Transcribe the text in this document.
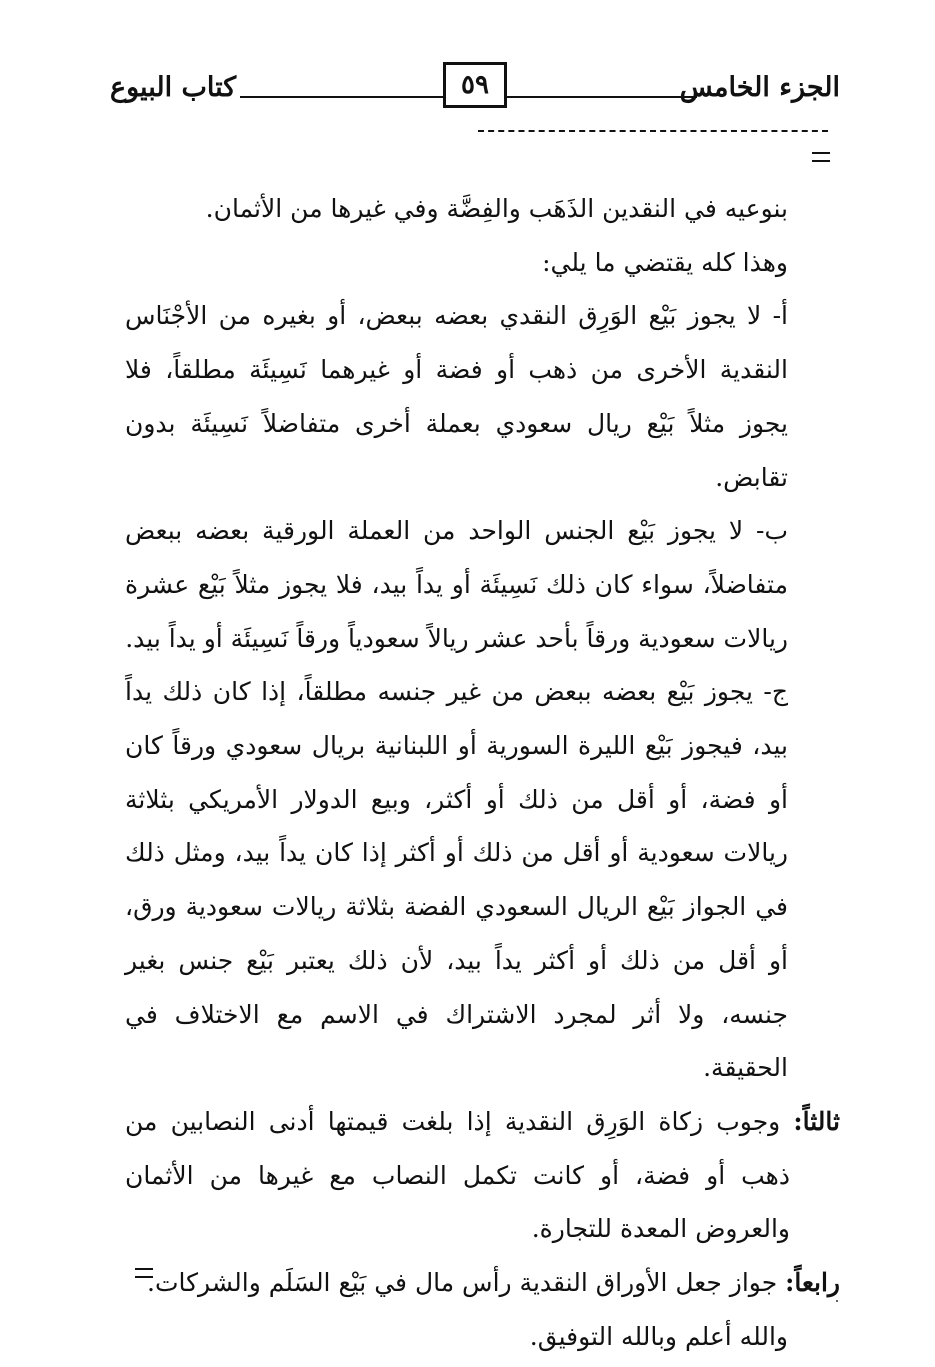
الجزء الخامس
٥٩
كتاب البيوع

بنوعيه في النقدين الذَهَب والفِضَّة وفي غيرها من الأثمان.

وهذا كله يقتضي ما يلي:

أ- لا يجوز بَيْع الوَرِق النقدي بعضه ببعض، أو بغيره من الأجْنَاس النقدية الأخرى من ذهب أو فضة أو غيرهما نَسِيئَة مطلقاً، فلا يجوز مثلاً بَيْع ريال سعودي بعملة أخرى متفاضلاً نَسِيئَة بدون تقابض.

ب- لا يجوز بَيْع الجنس الواحد من العملة الورقية بعضه ببعض متفاضلاً، سواء كان ذلك نَسِيئَة أو يداً بيد، فلا يجوز مثلاً بَيْع عشرة ريالات سعودية ورقاً بأحد عشر ريالاً سعودياً ورقاً نَسِيئَة أو يداً بيد.

ج- يجوز بَيْع بعضه ببعض من غير جنسه مطلقاً، إذا كان ذلك يداً بيد، فيجوز بَيْع الليرة السورية أو اللبنانية بريال سعودي ورقاً كان أو فضة، أو أقل من ذلك أو أكثر، وبيع الدولار الأمريكي بثلاثة ريالات سعودية أو أقل من ذلك أو أكثر إذا كان يداً بيد، ومثل ذلك في الجواز بَيْع الريال السعودي الفضة بثلاثة ريالات سعودية ورق، أو أقل من ذلك أو أكثر يداً بيد، لأن ذلك يعتبر بَيْع جنس بغير جنسه، ولا أثر لمجرد الاشتراك في الاسم مع الاختلاف في الحقيقة.

ثالثاً: وجوب زكاة الوَرِق النقدية إذا بلغت قيمتها أدنى النصابين من ذهب أو فضة، أو كانت تكمل النصاب مع غيرها من الأثمان والعروض المعدة للتجارة.

رابعاً: جواز جعل الأوراق النقدية رأس مال في بَيْع السَلَم والشركات.

والله أعلم وبالله التوفيق.
